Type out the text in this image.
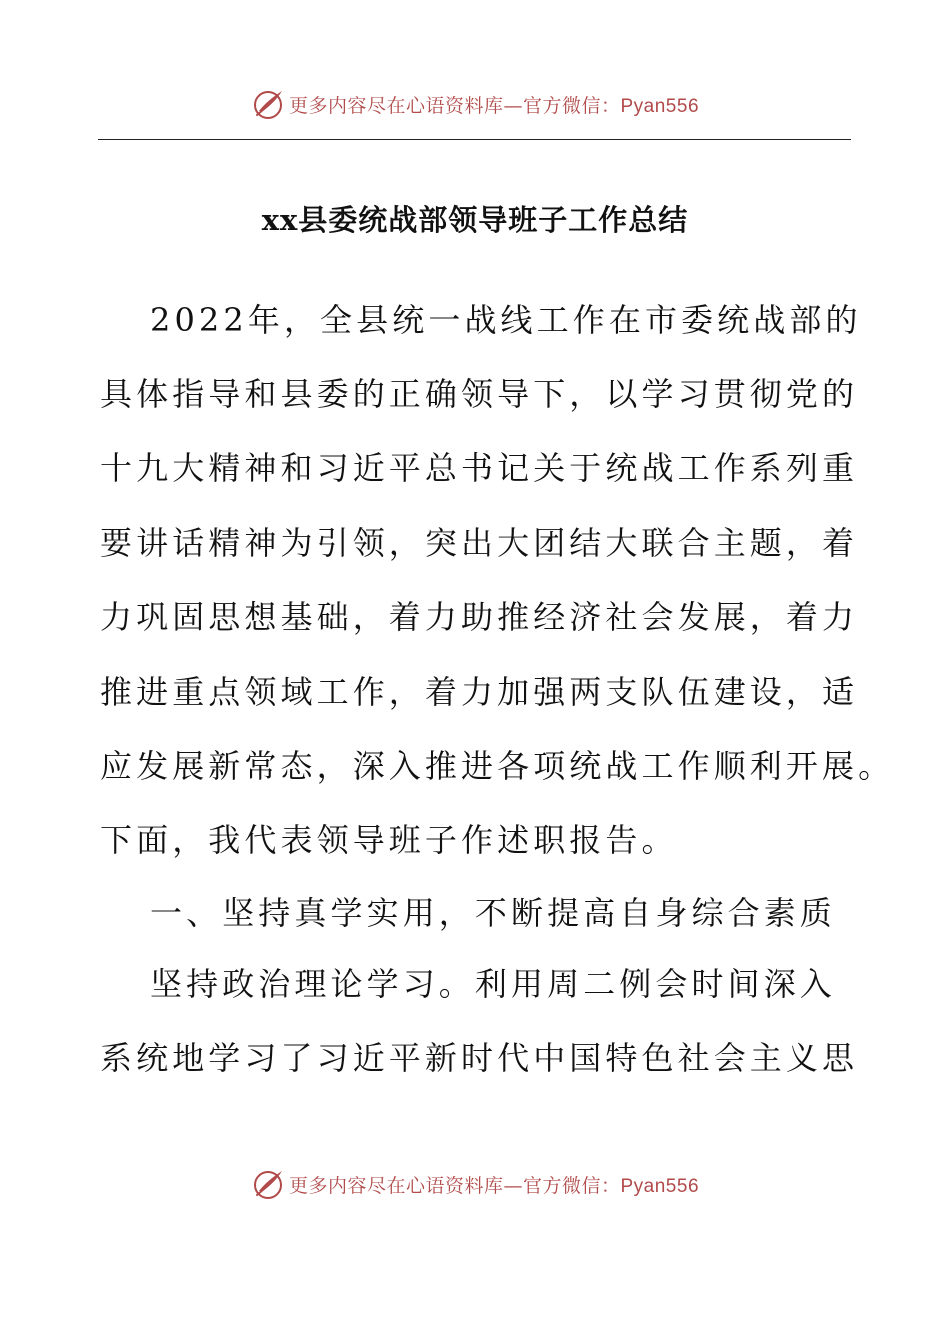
更多内容尽在心语资料库—官方微信：Pyan556
xx县委统战部领导班子工作总结
2022年，全县统一战线工作在市委统战部的
具体指导和县委的正确领导下，以学习贯彻党的
十九大精神和习近平总书记关于统战工作系列重
要讲话精神为引领，突出大团结大联合主题，着
力巩固思想基础，着力助推经济社会发展，着力
推进重点领域工作，着力加强两支队伍建设，适
应发展新常态，深入推进各项统战工作顺利开展。
下面，我代表领导班子作述职报告。
一、坚持真学实用，不断提高自身综合素质
坚持政治理论学习。利用周二例会时间深入
系统地学习了习近平新时代中国特色社会主义思
更多内容尽在心语资料库—官方微信：Pyan556
